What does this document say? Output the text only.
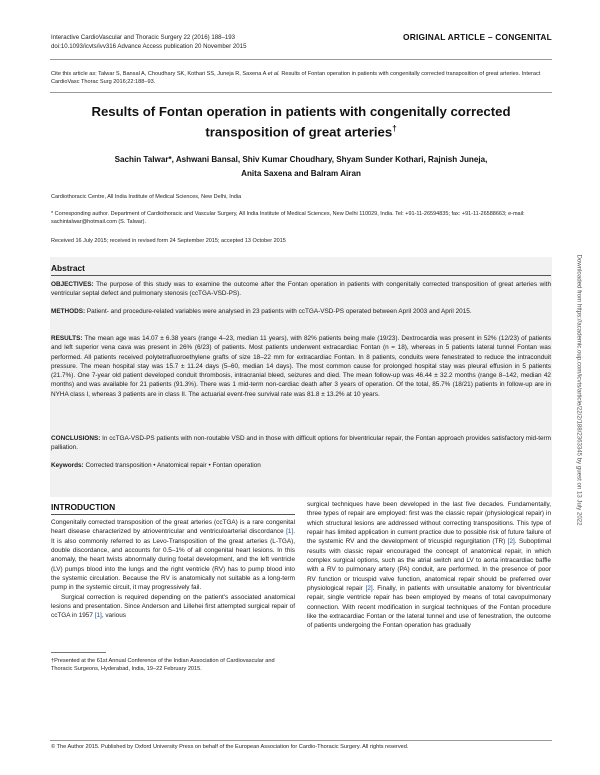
Interactive CardioVascular and Thoracic Surgery 22 (2016) 188–193
doi:10.1093/icvts/ivv316 Advance Access publication 20 November 2015
ORIGINAL ARTICLE – CONGENITAL
Cite this article as: Talwar S, Bansal A, Choudhary SK, Kothari SS, Juneja R, Saxena A et al. Results of Fontan operation in patients with congenitally corrected transposition of great arteries. Interact CardioVasc Thorac Surg 2016;22:188–93.
Results of Fontan operation in patients with congenitally corrected
transposition of great arteries†
Sachin Talwar*, Ashwani Bansal, Shiv Kumar Choudhary, Shyam Sunder Kothari, Rajnish Juneja,
Anita Saxena and Balram Airan
Cardiothoracic Centre, All India Institute of Medical Sciences, New Delhi, India
* Corresponding author. Department of Cardiothoracic and Vascular Surgery, All India Institute of Medical Sciences, New Delhi 110029, India. Tel: +91-11-26594835; fax: +91-11-26588663; e-mail: sachintalwar@hotmail.com (S. Talwar).
Received 16 July 2015; received in revised form 24 September 2015; accepted 13 October 2015
Abstract
OBJECTIVES: The purpose of this study was to examine the outcome after the Fontan operation in patients with congenitally corrected transposition of great arteries with ventricular septal defect and pulmonary stenosis (ccTGA-VSD-PS).
METHODS: Patient- and procedure-related variables were analysed in 23 patients with ccTGA-VSD-PS operated between April 2003 and April 2015.
RESULTS: The mean age was 14.07 ± 6.38 years (range 4–23, median 11 years), with 82% patients being male (19/23). Dextrocardia was present in 52% (12/23) of patients and left superior vena cava was present in 26% (6/23) of patients. Most patients underwent extracardiac Fontan (n = 18), whereas in 5 patients lateral tunnel Fontan was performed. All patients received polytetrafluoroethylene grafts of size 18–22 mm for extracardiac Fontan. In 8 patients, conduits were fenestrated to reduce the intraconduit pressure. The mean hospital stay was 15.7 ± 11.24 days (5–60, median 14 days). The most common cause for prolonged hospital stay was pleural effusion in 5 patients (21.7%). One 7-year old patient developed conduit thrombosis, intracranial bleed, seizures and died. The mean follow-up was 46.44 ± 32.2 months (range 8–142, median 42 months) and was available for 21 patients (91.3%). There was 1 mid-term non-cardiac death after 3 years of operation. Of the total, 85.7% (18/21) patients in follow-up are in NYHA class I, whereas 3 patients are in class II. The actuarial event-free survival rate was 81.8 ± 13.2% at 10 years.
CONCLUSIONS: In ccTGA-VSD-PS patients with non-routable VSD and in those with difficult options for biventricular repair, the Fontan approach provides satisfactory mid-term palliation.
Keywords: Corrected transposition • Anatomical repair • Fontan operation	Downloaded from https://academic.oup.com/icvts/article/22/2/188/2363345 by guest on 13 July 2022
INTRODUCTION

Congenitally corrected transposition of the great arteries (ccTGA) is a rare congenital heart disease characterized by atrioventricular and ventriculoarterial discordance [1]. It is also commonly referred to as Levo-Transposition of the great arteries (L-TGA), double discordance, and accounts for 0.5–1% of all congenital heart lesions. In this anomaly, the heart twists abnormally during foetal development, and the left ventricle (LV) pumps blood into the lungs and the right ventricle (RV) has to pump blood into the systemic circulation. Because the RV is anatomically not suitable as a long-term pump in the systemic circuit, it may progressively fail.

Surgical correction is required depending on the patient's associated anatomical lesions and presentation. Since Anderson and Lillehei first attempted surgical repair of ccTGA in 1957 [1], various

†Presented at the 61st Annual Conference of the Indian Association of Cardiovascular and Thoracic Surgeons, Hyderabad, India, 19–22 February 2015.

surgical techniques have been developed in the last five decades. Fundamentally, three types of repair are employed: first was the classic repair (physiological repair) in which structural lesions are addressed without correcting transpositions. This type of repair has limited application in current practice due to possible risk of future failure of the systemic RV and the development of tricuspid regurgitation (TR) [2]. Suboptimal results with classic repair encouraged the concept of anatomical repair, in which complex surgical options, such as the atrial switch and LV to aorta intracardiac baffle with a RV to pulmonary artery (PA) conduit, are performed. In the presence of poor RV function or tricuspid valve function, anatomical repair should be preferred over physiological repair [2]. Finally, in patients with unsuitable anatomy for biventricular repair, single ventricle repair has been employed by means of total cavopulmonary connection. With recent modification in surgical techniques of the Fontan procedure like the extracardiac Fontan or the lateral tunnel and use of fenestration, the outcome of patients undergoing the Fontan operation has gradually

© The Author 2015. Published by Oxford University Press on behalf of the European Association for Cardio-Thoracic Surgery. All rights reserved.
